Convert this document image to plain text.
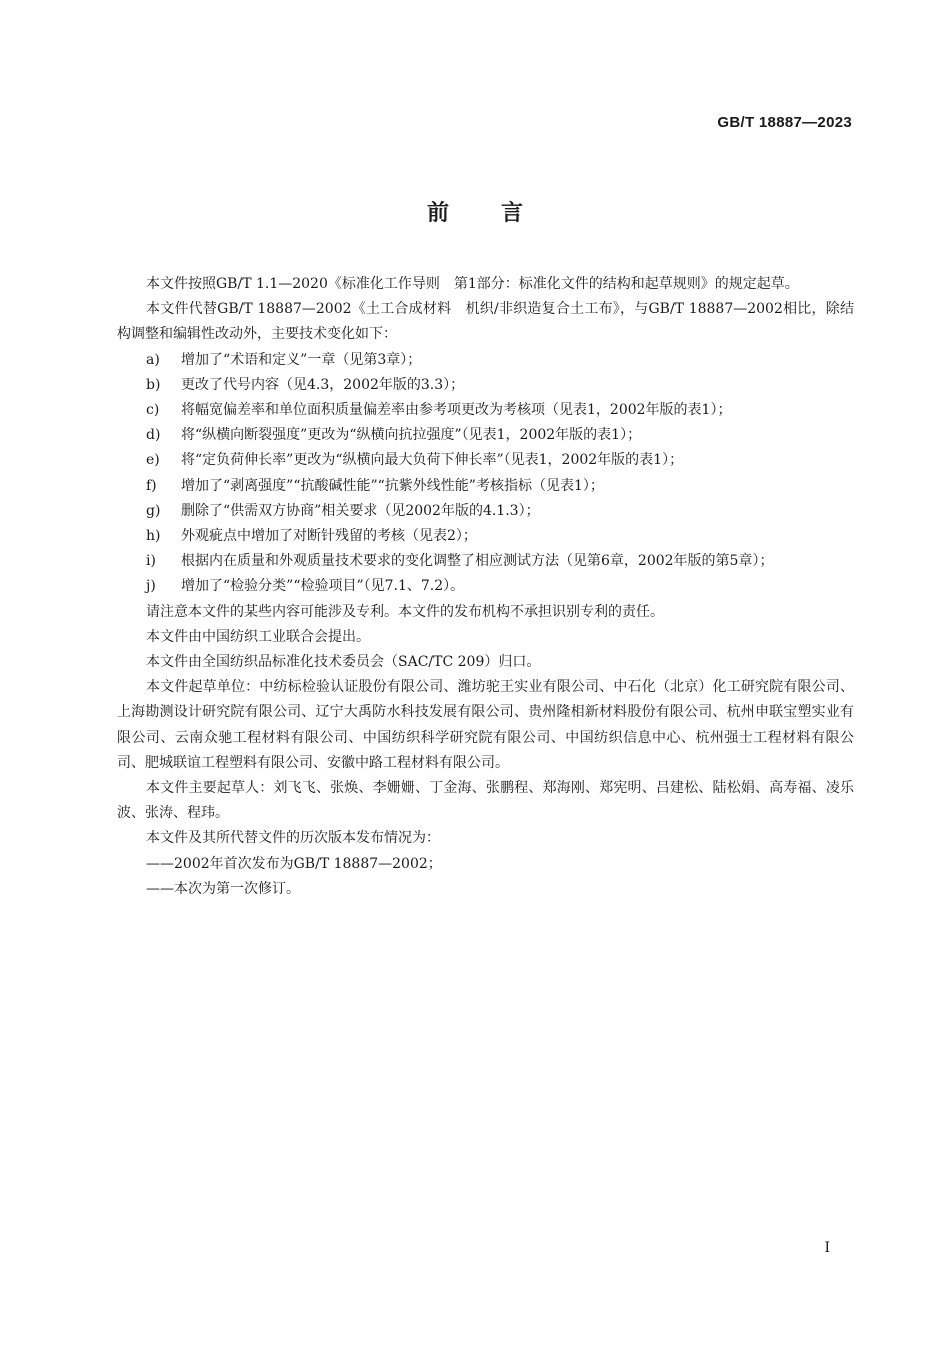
GB/T 18887—2023
前言

本文件按照GB/T 1.1—2020《标准化工作导则　第1部分：标准化文件的结构和起草规则》的规定起草。

本文件代替GB/T 18887—2002《土工合成材料　机织/非织造复合土工布》，与GB/T 18887—2002相比，除结构调整和编辑性改动外，主要技术变化如下：

a) 增加了“术语和定义”一章（见第3章）；
b) 更改了代号内容（见4.3，2002年版的3.3）；
c) 将幅宽偏差率和单位面积质量偏差率由参考项更改为考核项（见表1，2002年版的表1）；
d) 将“纵横向断裂强度”更改为“纵横向抗拉强度”（见表1，2002年版的表1）；
e) 将“定负荷伸长率”更改为“纵横向最大负荷下伸长率”（见表1，2002年版的表1）；
f) 增加了“剥离强度”“抗酸碱性能”“抗紫外线性能”考核指标（见表1）；
g) 删除了“供需双方协商”相关要求（见2002年版的4.1.3）；
h) 外观疵点中增加了对断针残留的考核（见表2）；
i) 根据内在质量和外观质量技术要求的变化调整了相应测试方法（见第6章，2002年版的第5章）；
j) 增加了“检验分类”“检验项目”（见7.1、7.2）。

请注意本文件的某些内容可能涉及专利。本文件的发布机构不承担识别专利的责任。

本文件由中国纺织工业联合会提出。

本文件由全国纺织品标准化技术委员会（SAC/TC 209）归口。

本文件起草单位：中纺标检验认证股份有限公司、潍坊驼王实业有限公司、中石化（北京）化工研究院有限公司、上海勘测设计研究院有限公司、辽宁大禹防水科技发展有限公司、贵州隆相新材料股份有限公司、杭州申联宝塑实业有限公司、云南众驰工程材料有限公司、中国纺织科学研究院有限公司、中国纺织信息中心、杭州强士工程材料有限公司、肥城联谊工程塑料有限公司、安徽中路工程材料有限公司。

本文件主要起草人：刘飞飞、张焕、李姗姗、丁金海、张鹏程、郑海刚、郑宪明、吕建松、陆松娟、高寿福、凌乐波、张涛、程玮。

本文件及其所代替文件的历次版本发布情况为：

——2002年首次发布为GB/T 18887—2002；

——本次为第一次修订。

I
